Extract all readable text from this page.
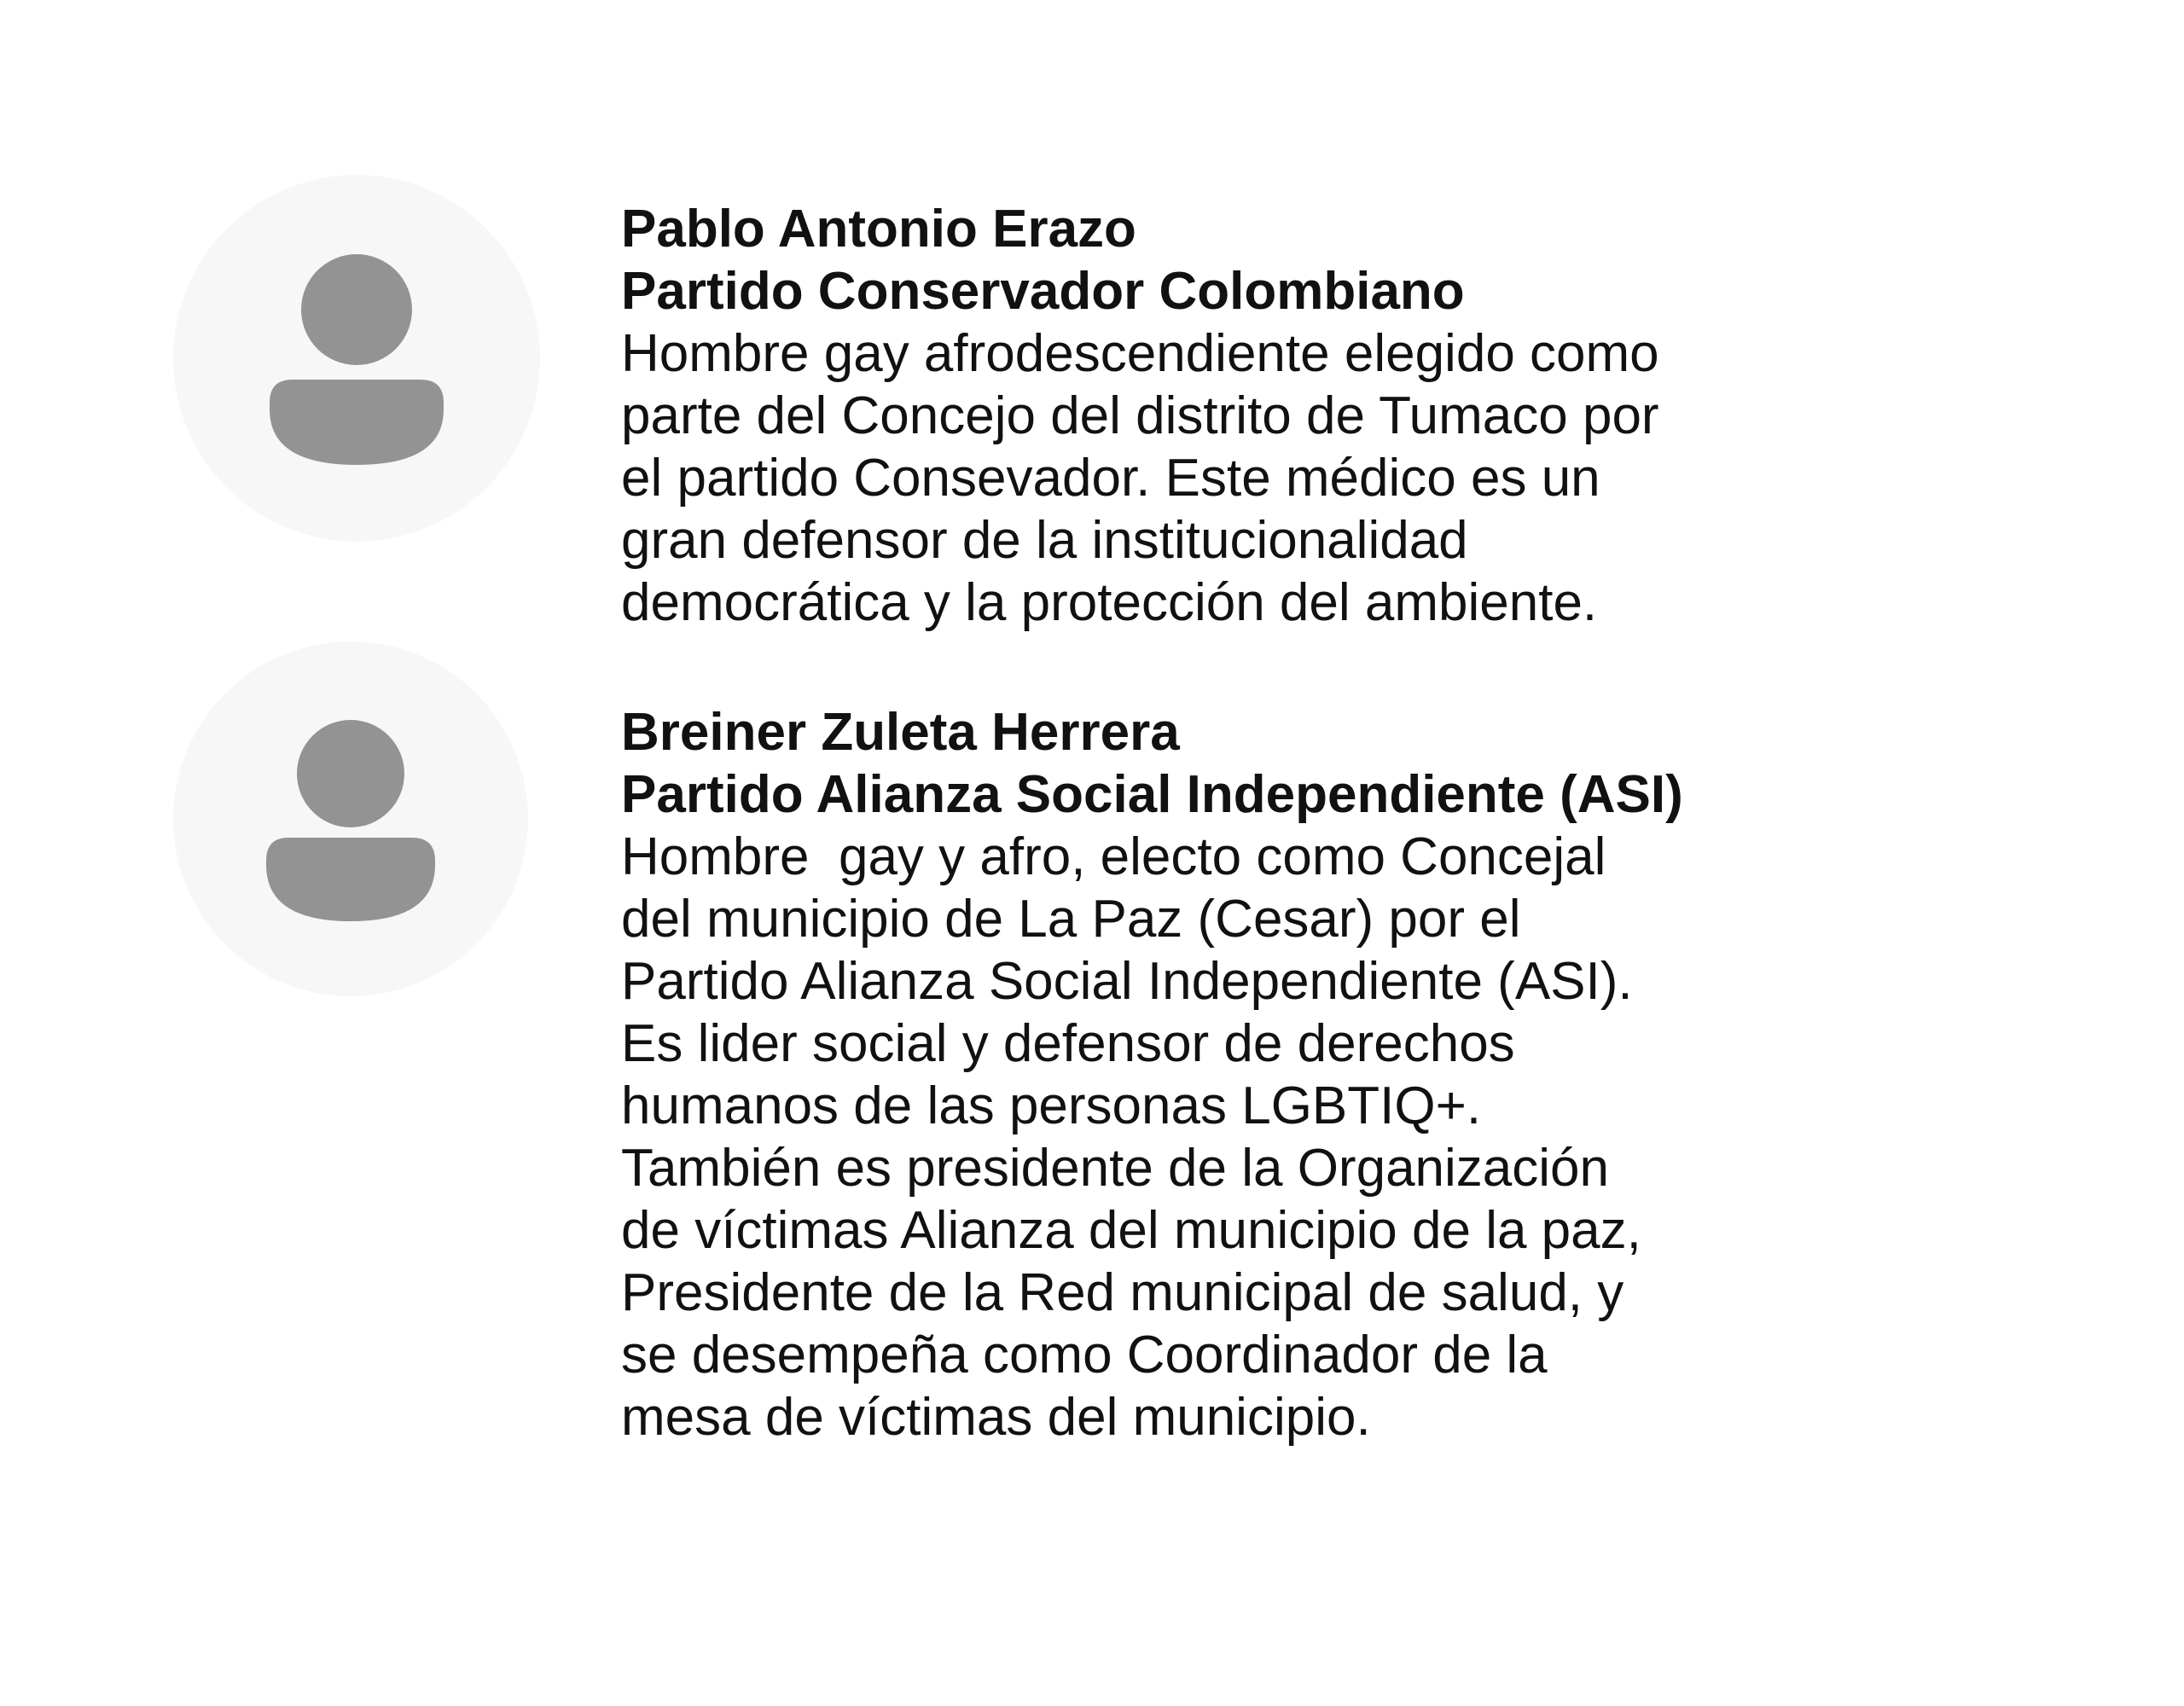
Pablo Antonio Erazo
Partido Conservador Colombiano
Hombre gay afrodescendiente elegido como
parte del Concejo del distrito de Tumaco por
el partido Consevador. Este médico es un
gran defensor de la institucionalidad
democrática y la protección del ambiente.
Breiner Zuleta Herrera
Partido Alianza Social Independiente (ASI)
Hombre  gay y afro, electo como Concejal
del municipio de La Paz (Cesar) por el
Partido Alianza Social Independiente (ASI).
Es lider social y defensor de derechos
humanos de las personas LGBTIQ+.
También es presidente de la Organización
de víctimas Alianza del municipio de la paz,
Presidente de la Red municipal de salud, y
se desempeña como Coordinador de la
mesa de víctimas del municipio.
